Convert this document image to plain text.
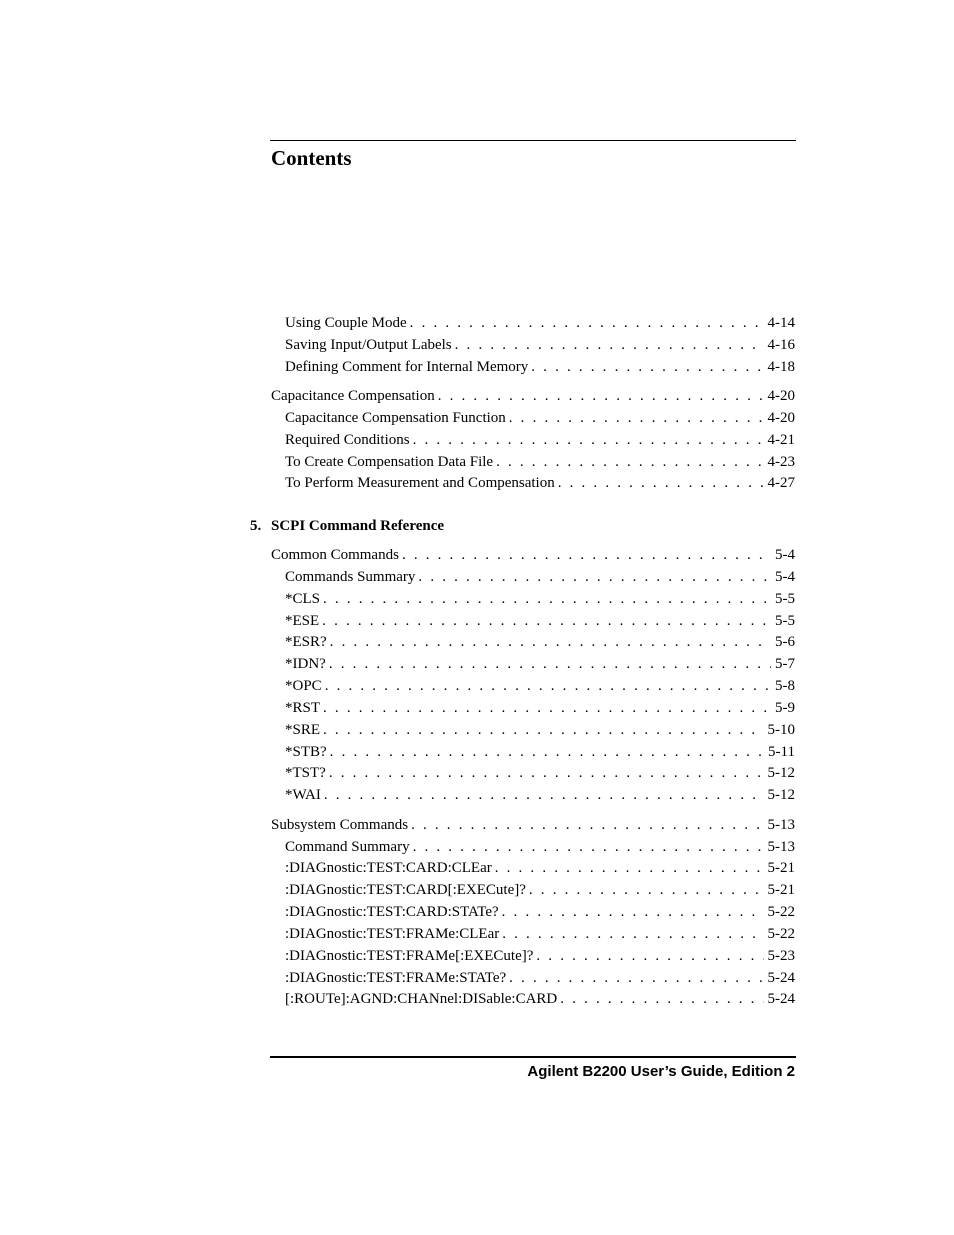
Contents
Using Couple Mode . . .	4-14
Saving Input/Output Labels . . .	4-16
Defining Comment for Internal Memory . . .	4-18
Capacitance Compensation . . .	4-20
Capacitance Compensation Function . . .	4-20
Required Conditions . . .	4-21
To Create Compensation Data File . . .	4-23
To Perform Measurement and Compensation . . .	4-27
5. SCPI Command Reference
Common Commands . . .	5-4
Commands Summary . . .	5-4
*CLS . . .	5-5
*ESE . . .	5-5
*ESR? . . .	5-6
*IDN? . . .	5-7
*OPC . . .	5-8
*RST . . .	5-9
*SRE . . .	5-10
*STB? . . .	5-11
*TST? . . .	5-12
*WAI . . .	5-12
Subsystem Commands . . .	5-13
Command Summary . . .	5-13
:DIAGnostic:TEST:CARD:CLEar . . .	5-21
:DIAGnostic:TEST:CARD[:EXECute]? . . .	5-21
:DIAGnostic:TEST:CARD:STATe? . . .	5-22
:DIAGnostic:TEST:FRAMe:CLEar . . .	5-22
:DIAGnostic:TEST:FRAMe[:EXECute]? . . .	5-23
:DIAGnostic:TEST:FRAMe:STATe? . . .	5-24
[:ROUTe]:AGND:CHANnel:DISable:CARD . . .	5-24
Agilent B2200 User’s Guide, Edition 2
